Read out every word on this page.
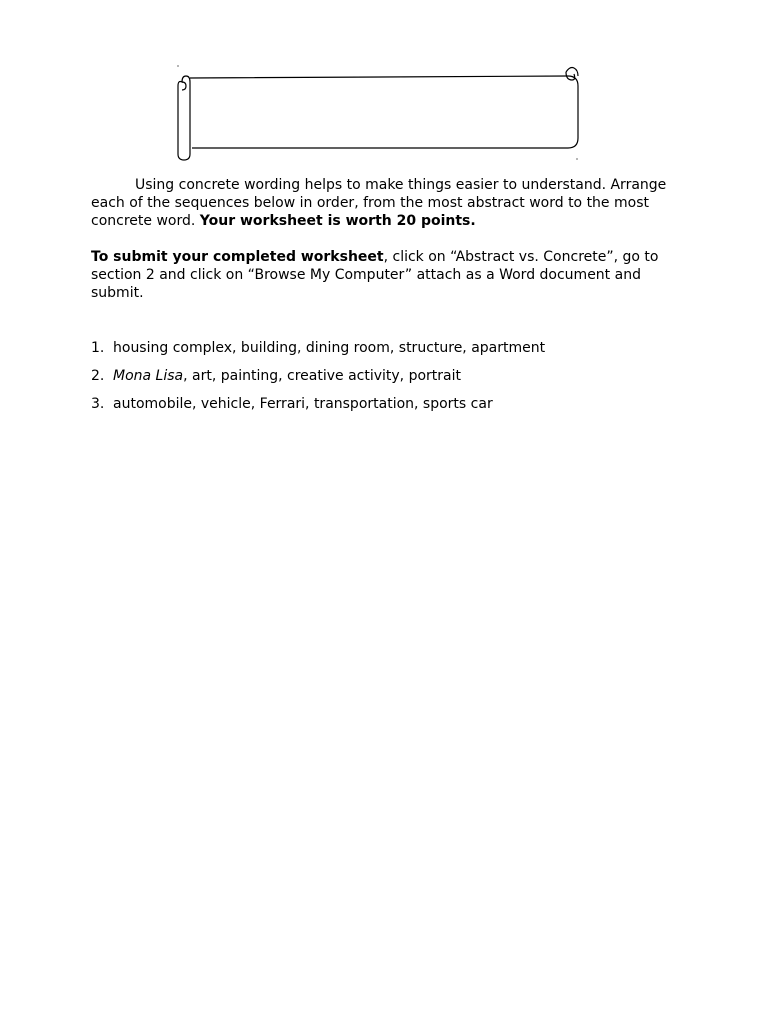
Using concrete wording helps to make things easier to understand. Arrange each of the sequences below in order, from the most abstract word to the most concrete word. Your worksheet is worth 20 points.

To submit your completed worksheet, click on “Abstract vs. Concrete”, go to section 2 and click on “Browse My Computer” attach as a Word document and submit.

1. housing complex, building, dining room, structure, apartment
2. Mona Lisa, art, painting, creative activity, portrait
3. automobile, vehicle, Ferrari, transportation, sports car
